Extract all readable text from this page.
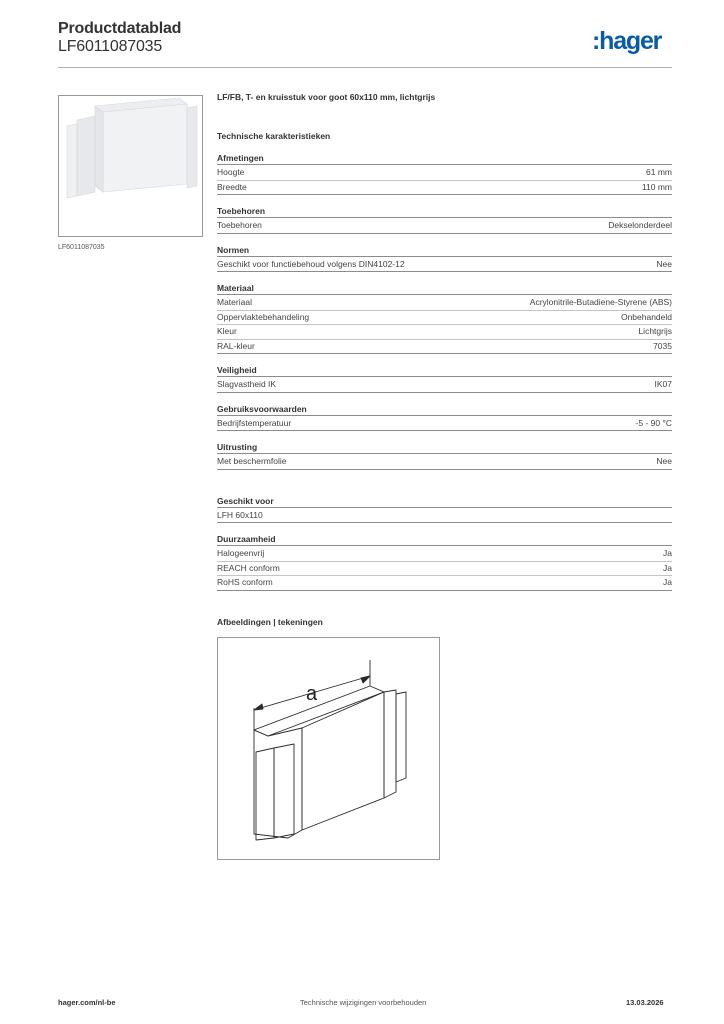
Productdatablad
LF6011087035	:hager
LF6011087035
LF/FB, T- en kruisstuk voor goot 60x110 mm, lichtgrijs
Technische karakteristieken
Afmetingen
Hoogte	61 mm
Breedte	110 mm
Toebehoren
Toebehoren	Dekselonderdeel
Normen
Geschikt voor functiebehoud volgens DIN4102-12	Nee
Materiaal
Materiaal	Acrylonitrile-Butadiene-Styrene (ABS)
Oppervlaktebehandeling	Onbehandeld
Kleur	Lichtgrijs
RAL-kleur	7035
Veiligheid
Slagvastheid IK	IK07
Gebruiksvoorwaarden
Bedrijfstemperatuur	-5 - 90 °C
Uitrusting
Met beschermfolie	Nee
Geschikt voor
LFH 60x110
Duurzaamheid
Halogeenvrij	Ja
REACH conform	Ja
RoHS conform	Ja
Afbeeldingen | tekeningen
a
hager.com/nl-be	Technische wijzigingen voorbehouden	13.03.2026
